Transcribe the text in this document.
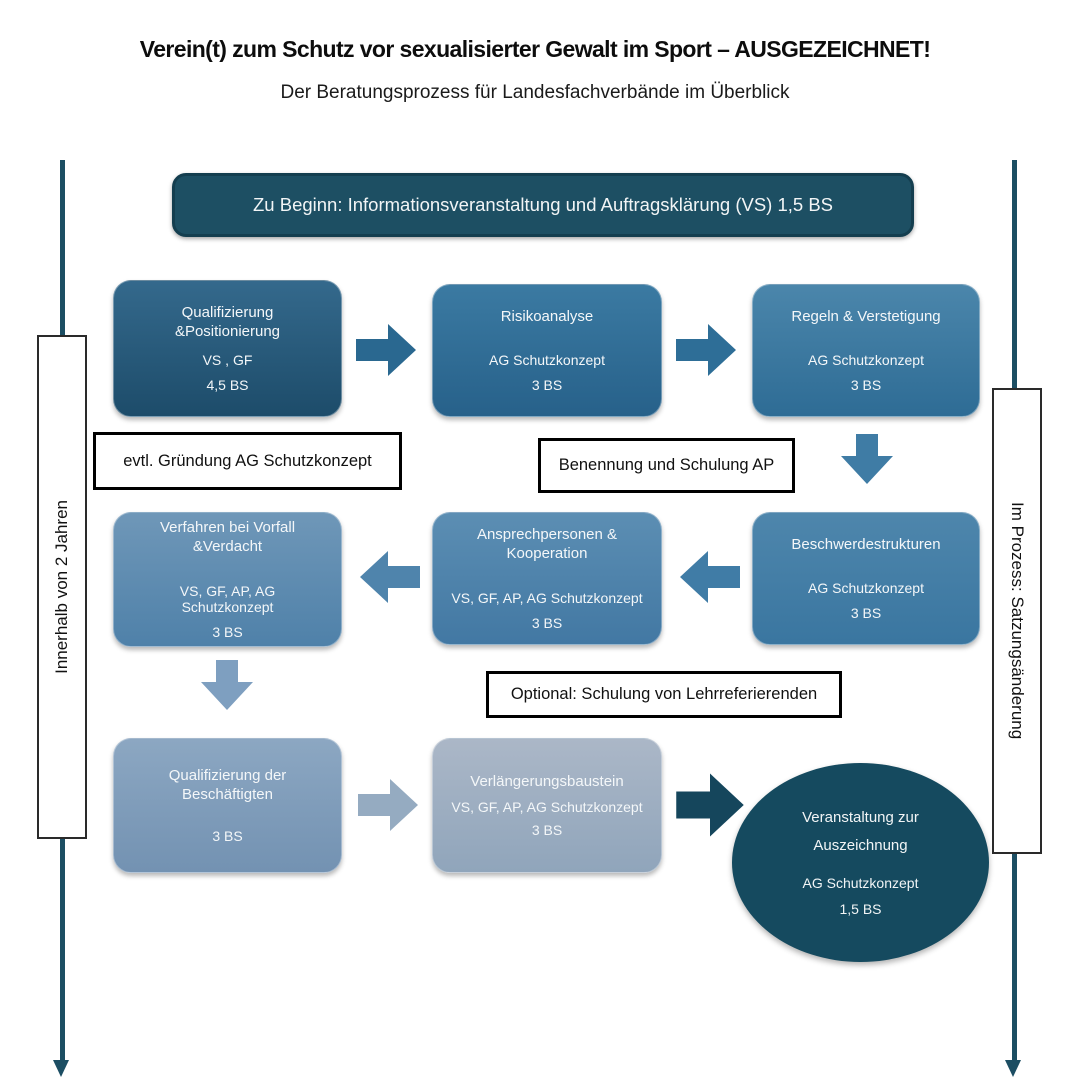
Verein(t) zum Schutz vor sexualisierter Gewalt im Sport – AUSGEZEICHNET!
Der Beratungsprozess für Landesfachverbände im Überblick
Innerhalb von 2 Jahren	Im Prozess: Satzungsänderung
Zu Beginn: Informationsveranstaltung und Auftragsklärung (VS) 1,5 BS
Qualifizierung &Positionierung
VS , GF
4,5 BS
Risikoanalyse
AG Schutzkonzept
3 BS
Regeln & Verstetigung
AG Schutzkonzept
3 BS
evtl. Gründung AG Schutzkonzept	Benennung und Schulung AP
Verfahren bei Vorfall &Verdacht
VS, GF, AP, AG Schutzkonzept
3 BS
Ansprechpersonen & Kooperation
VS, GF, AP, AG Schutzkonzept
3 BS
Beschwerdestrukturen
AG Schutzkonzept
3 BS
Optional: Schulung von Lehrreferierenden
Qualifizierung der Beschäftigten
3 BS
Verlängerungsbaustein
VS, GF, AP, AG Schutzkonzept
3 BS
Veranstaltung zur
Auszeichnung
AG Schutzkonzept
1,5 BS
